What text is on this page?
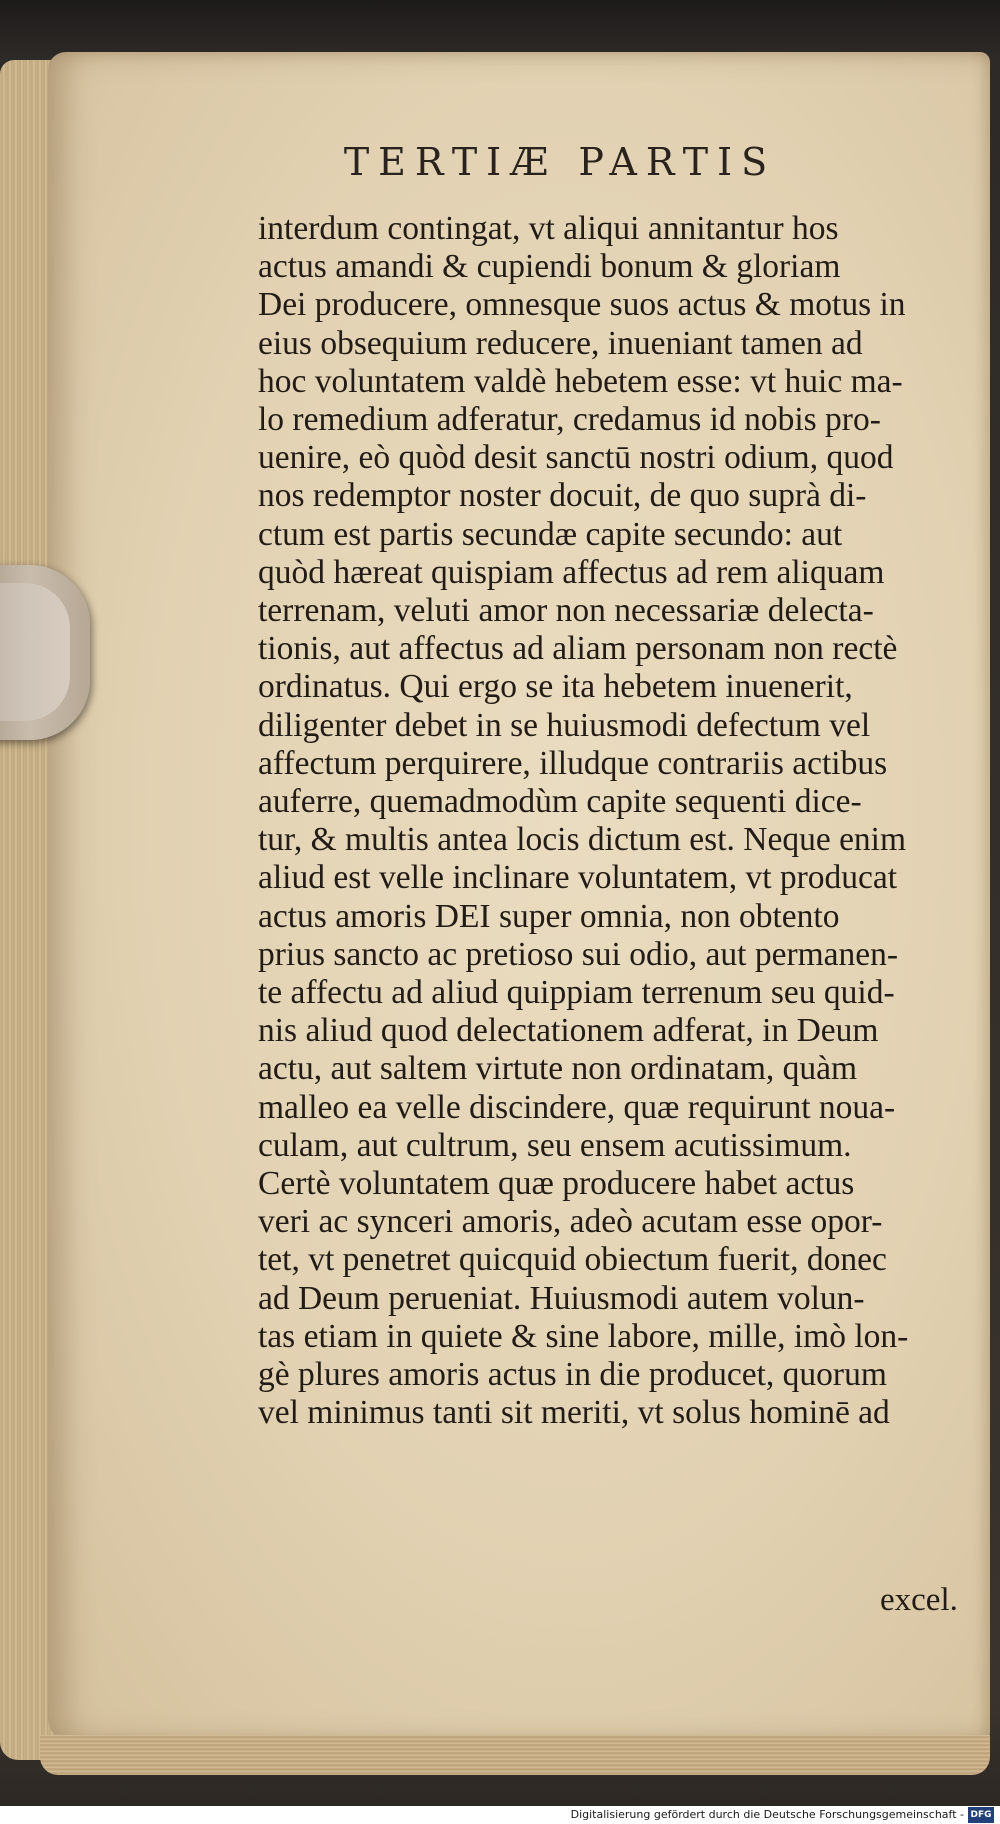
TERTIÆ PARTIS
interdum contingat, vt aliqui annitantur hos
actus amandi & cupiendi bonum & gloriam
Dei producere, omnesque suos actus & motus in
eius obsequium reducere, inueniant tamen ad
hoc voluntatem valdè hebetem esse: vt huic ma-
lo remedium adferatur, credamus id nobis pro-
uenire, eò quòd desit sanctū nostri odium, quod
nos redemptor noster docuit, de quo suprà di-
ctum est partis secundæ capite secundo: aut
quòd hæreat quispiam affectus ad rem aliquam
terrenam, veluti amor non necessariæ delecta-
tionis, aut affectus ad aliam personam non rectè
ordinatus. Qui ergo se ita hebetem inuenerit,
diligenter debet in se huiusmodi defectum vel
affectum perquirere, illudque contrariis actibus
auferre, quemadmodùm capite sequenti dice-
tur, & multis antea locis dictum est. Neque enim
aliud est velle inclinare voluntatem, vt producat
actus amoris DEI super omnia, non obtento
prius sancto ac pretioso sui odio, aut permanen-
te affectu ad aliud quippiam terrenum seu quid-
nis aliud quod delectationem adferat, in Deum
actu, aut saltem virtute non ordinatam, quàm
malleo ea velle discindere, quæ requirunt noua-
culam, aut cultrum, seu ensem acutissimum.
Certè voluntatem quæ producere habet actus
veri ac synceri amoris, adeò acutam esse opor-
tet, vt penetret quicquid obiectum fuerit, donec
ad Deum perueniat. Huiusmodi autem volun-
tas etiam in quiete & sine labore, mille, imò lon-
gè plures amoris actus in die producet, quorum
vel minimus tanti sit meriti, vt solus hominē ad
excel.
Digitalisierung gefördert durch die Deutsche Forschungsgemeinschaft - DFG
